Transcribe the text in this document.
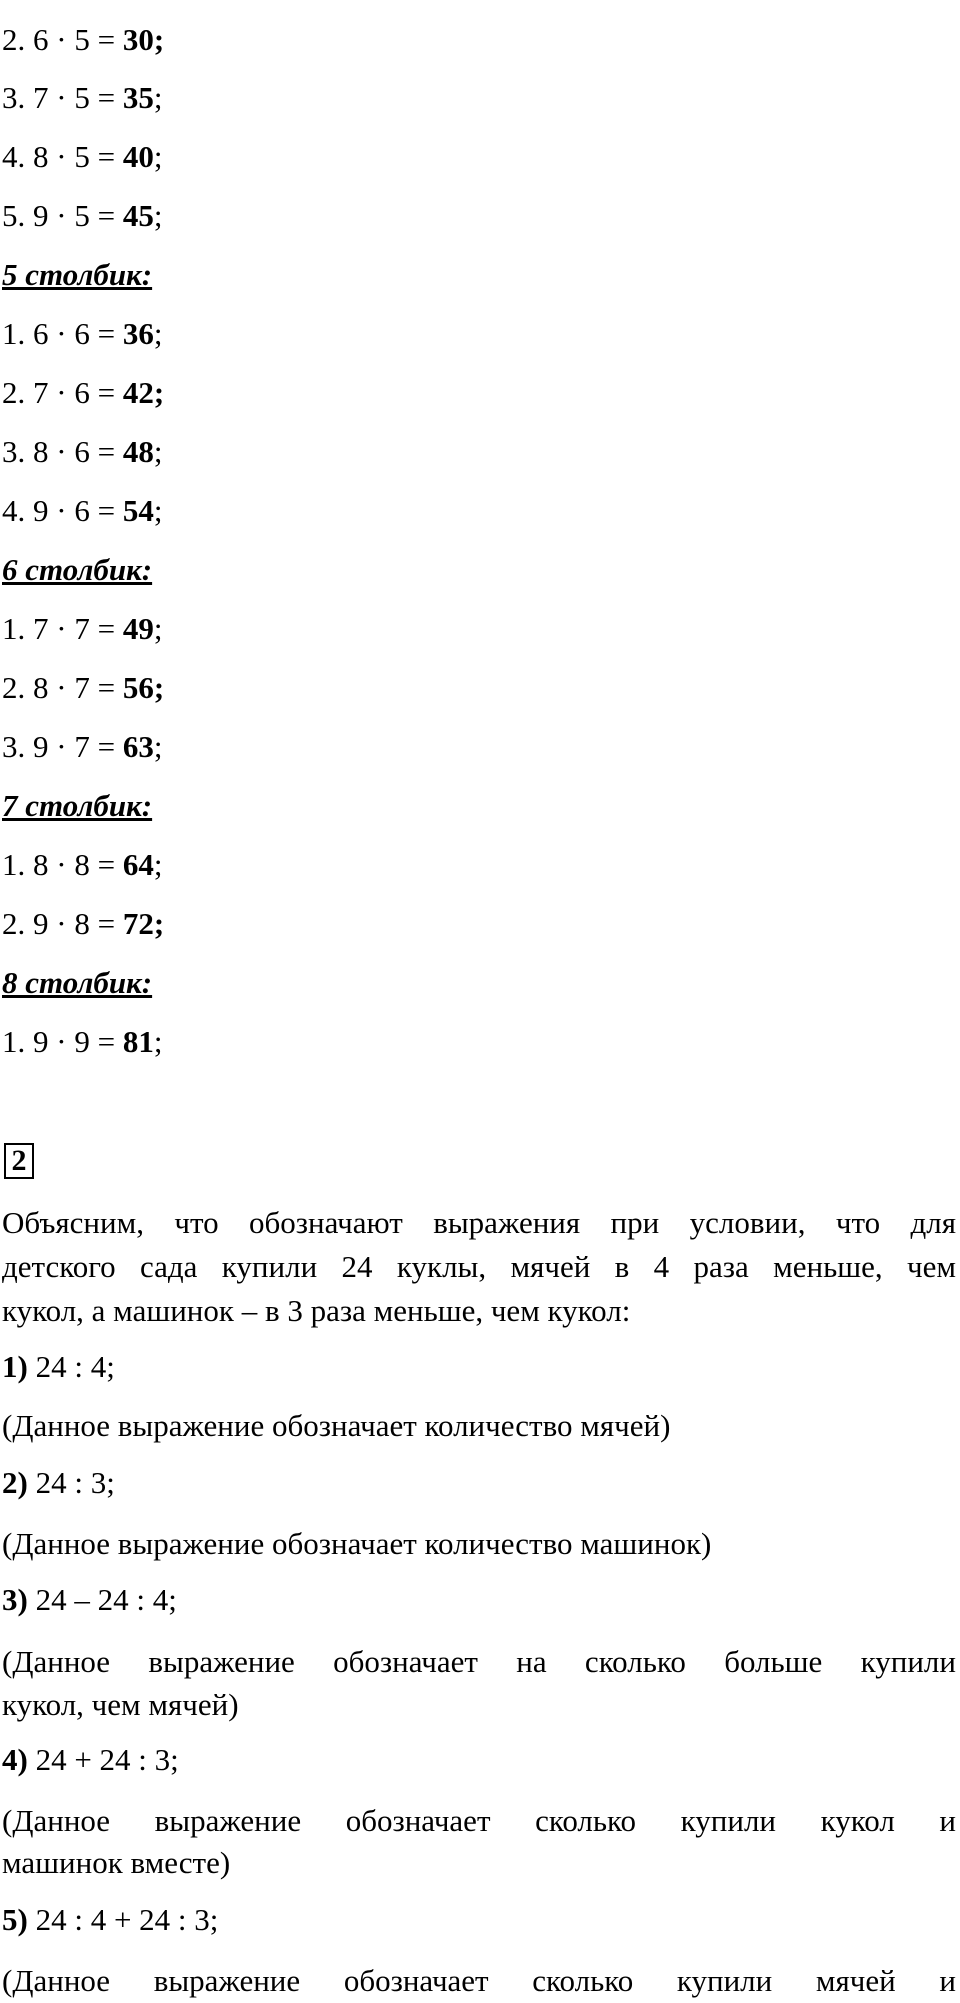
2. 6 · 5 = 30;
3. 7 · 5 = 35;
4. 8 · 5 = 40;
5. 9 · 5 = 45;
5 столбик:
1. 6 · 6 = 36;
2. 7 · 6 = 42;
3. 8 · 6 = 48;
4. 9 · 6 = 54;
6 столбик:
1. 7 · 7 = 49;
2. 8 · 7 = 56;
3. 9 · 7 = 63;
7 столбик:
1. 8 · 8 = 64;
2. 9 · 8 = 72;
8 столбик:
1. 9 · 9 = 81;
2
Объясним, что обозначают выражения при условии, что для
детского сада купили 24 куклы, мячей в 4 раза меньше, чем
кукол, а машинок – в 3 раза меньше, чем кукол:
1) 24 : 4;
(Данное выражение обозначает количество мячей)
2) 24 : 3;
(Данное выражение обозначает количество машинок)
3) 24 – 24 : 4;
(Данное выражение обозначает на сколько больше купили
кукол, чем мячей)
4) 24 + 24 : 3;
(Данное выражение обозначает сколько купили кукол и
машинок вместе)
5) 24 : 4 + 24 : 3;
(Данное выражение обозначает сколько купили мячей и
